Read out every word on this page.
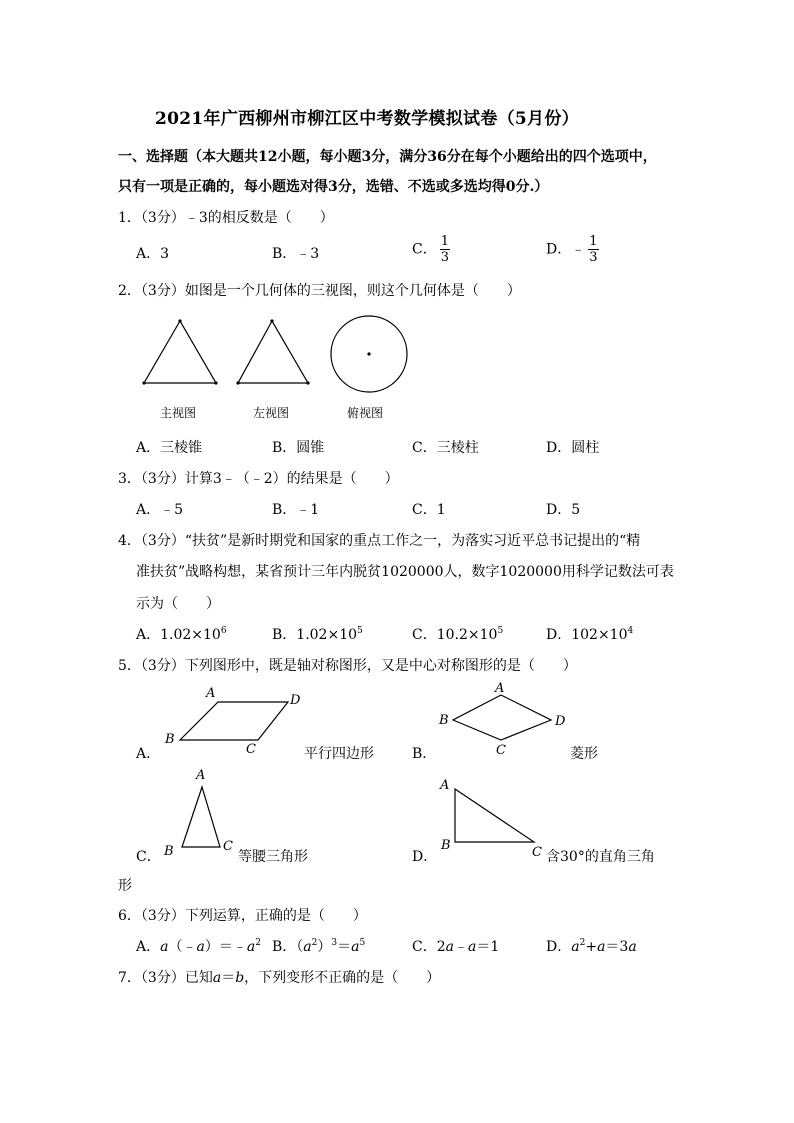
2021年广西柳州市柳江区中考数学模拟试卷（5月份）
一、选择题（本大题共12小题，每小题3分，满分36分在每个小题给出的四个选项中，
只有一项是正确的，每小题选对得3分，选错、不选或多选均得0分.）
1．（3分）﹣3的相反数是（　　）
A．3	B．﹣3	C． $\frac{1}{3}$	D．﹣ $\frac{1}{3}$
2．（3分）如图是一个几何体的三视图，则这个几何体是（　　）
主视图	左视图	俯视图
A．三棱锥	B．圆锥	C．三棱柱	D．圆柱
3．（3分）计算3﹣（﹣2）的结果是（　　）
A．﹣5	B．﹣1	C．1	D．5
4．（3分）“扶贫”是新时期党和国家的重点工作之一，为落实习近平总书记提出的“精
准扶贫”战略构想，某省预计三年内脱贫1020000人，数字1020000用科学记数法可表
示为（　　）
A．$1.02\times 10^6$	B．$1.02\times 10^5$	C．$10.2\times 10^5$	D．$102\times 10^4$
5．（3分）下列图形中，既是轴对称图形，又是中心对称图形的是（　　）
A．
A	D
B
C	平行四边形	B．
A
B	D
C	菱形
C．
A
B	C
等腰三角形	D．
A
B	C 含30°的直角三角
形
6．（3分）下列运算，正确的是（　　）
A．$a(﹣a)=﹣a^2$ B．$(a^2)^3=a^5$	C．2a﹣a＝1	D．$a^2+a=3a$
7．（3分）已知a＝b，下列变形不正确的是（　　）
